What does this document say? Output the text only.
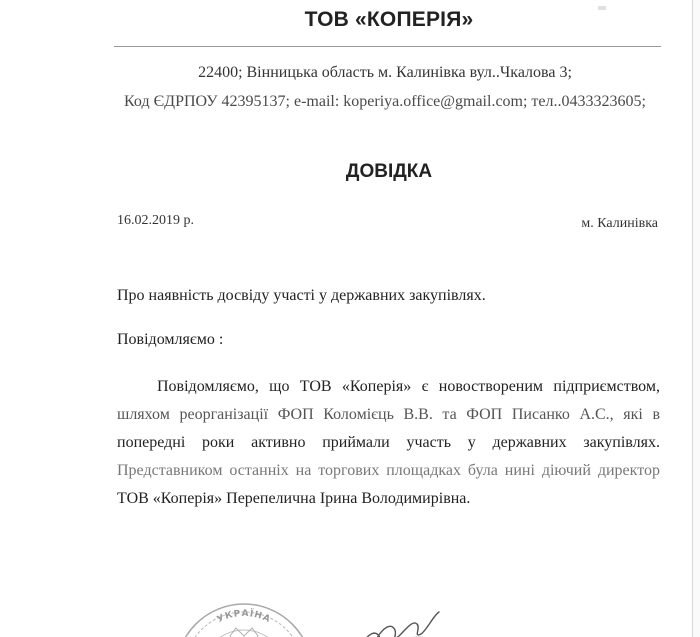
ТОВ «КОПЕРІЯ»
22400; Вінницька область м. Калинівка вул..Чкалова 3;
Код ЄДРПОУ 42395137; e-mail: koperiya.office@gmail.com; тел..0433323605;
ДОВІДКА
16.02.2019 р.	м. Калинівка
Про наявність досвіду участі у державних закупівлях.
Повідомляємо :
Повідомляємо, що ТОВ «Коперія» є новоствореним підприємством,
шляхом реорганізації ФОП Коломієць В.В. та ФОП Писанко А.С., які в
попередні роки активно приймали участь у державних закупівлях.
Представником останніх на торгових площадках була нині діючий директор
ТОВ «Коперія» Перепелична Ірина Володимирівна.
УКРАЇНА
